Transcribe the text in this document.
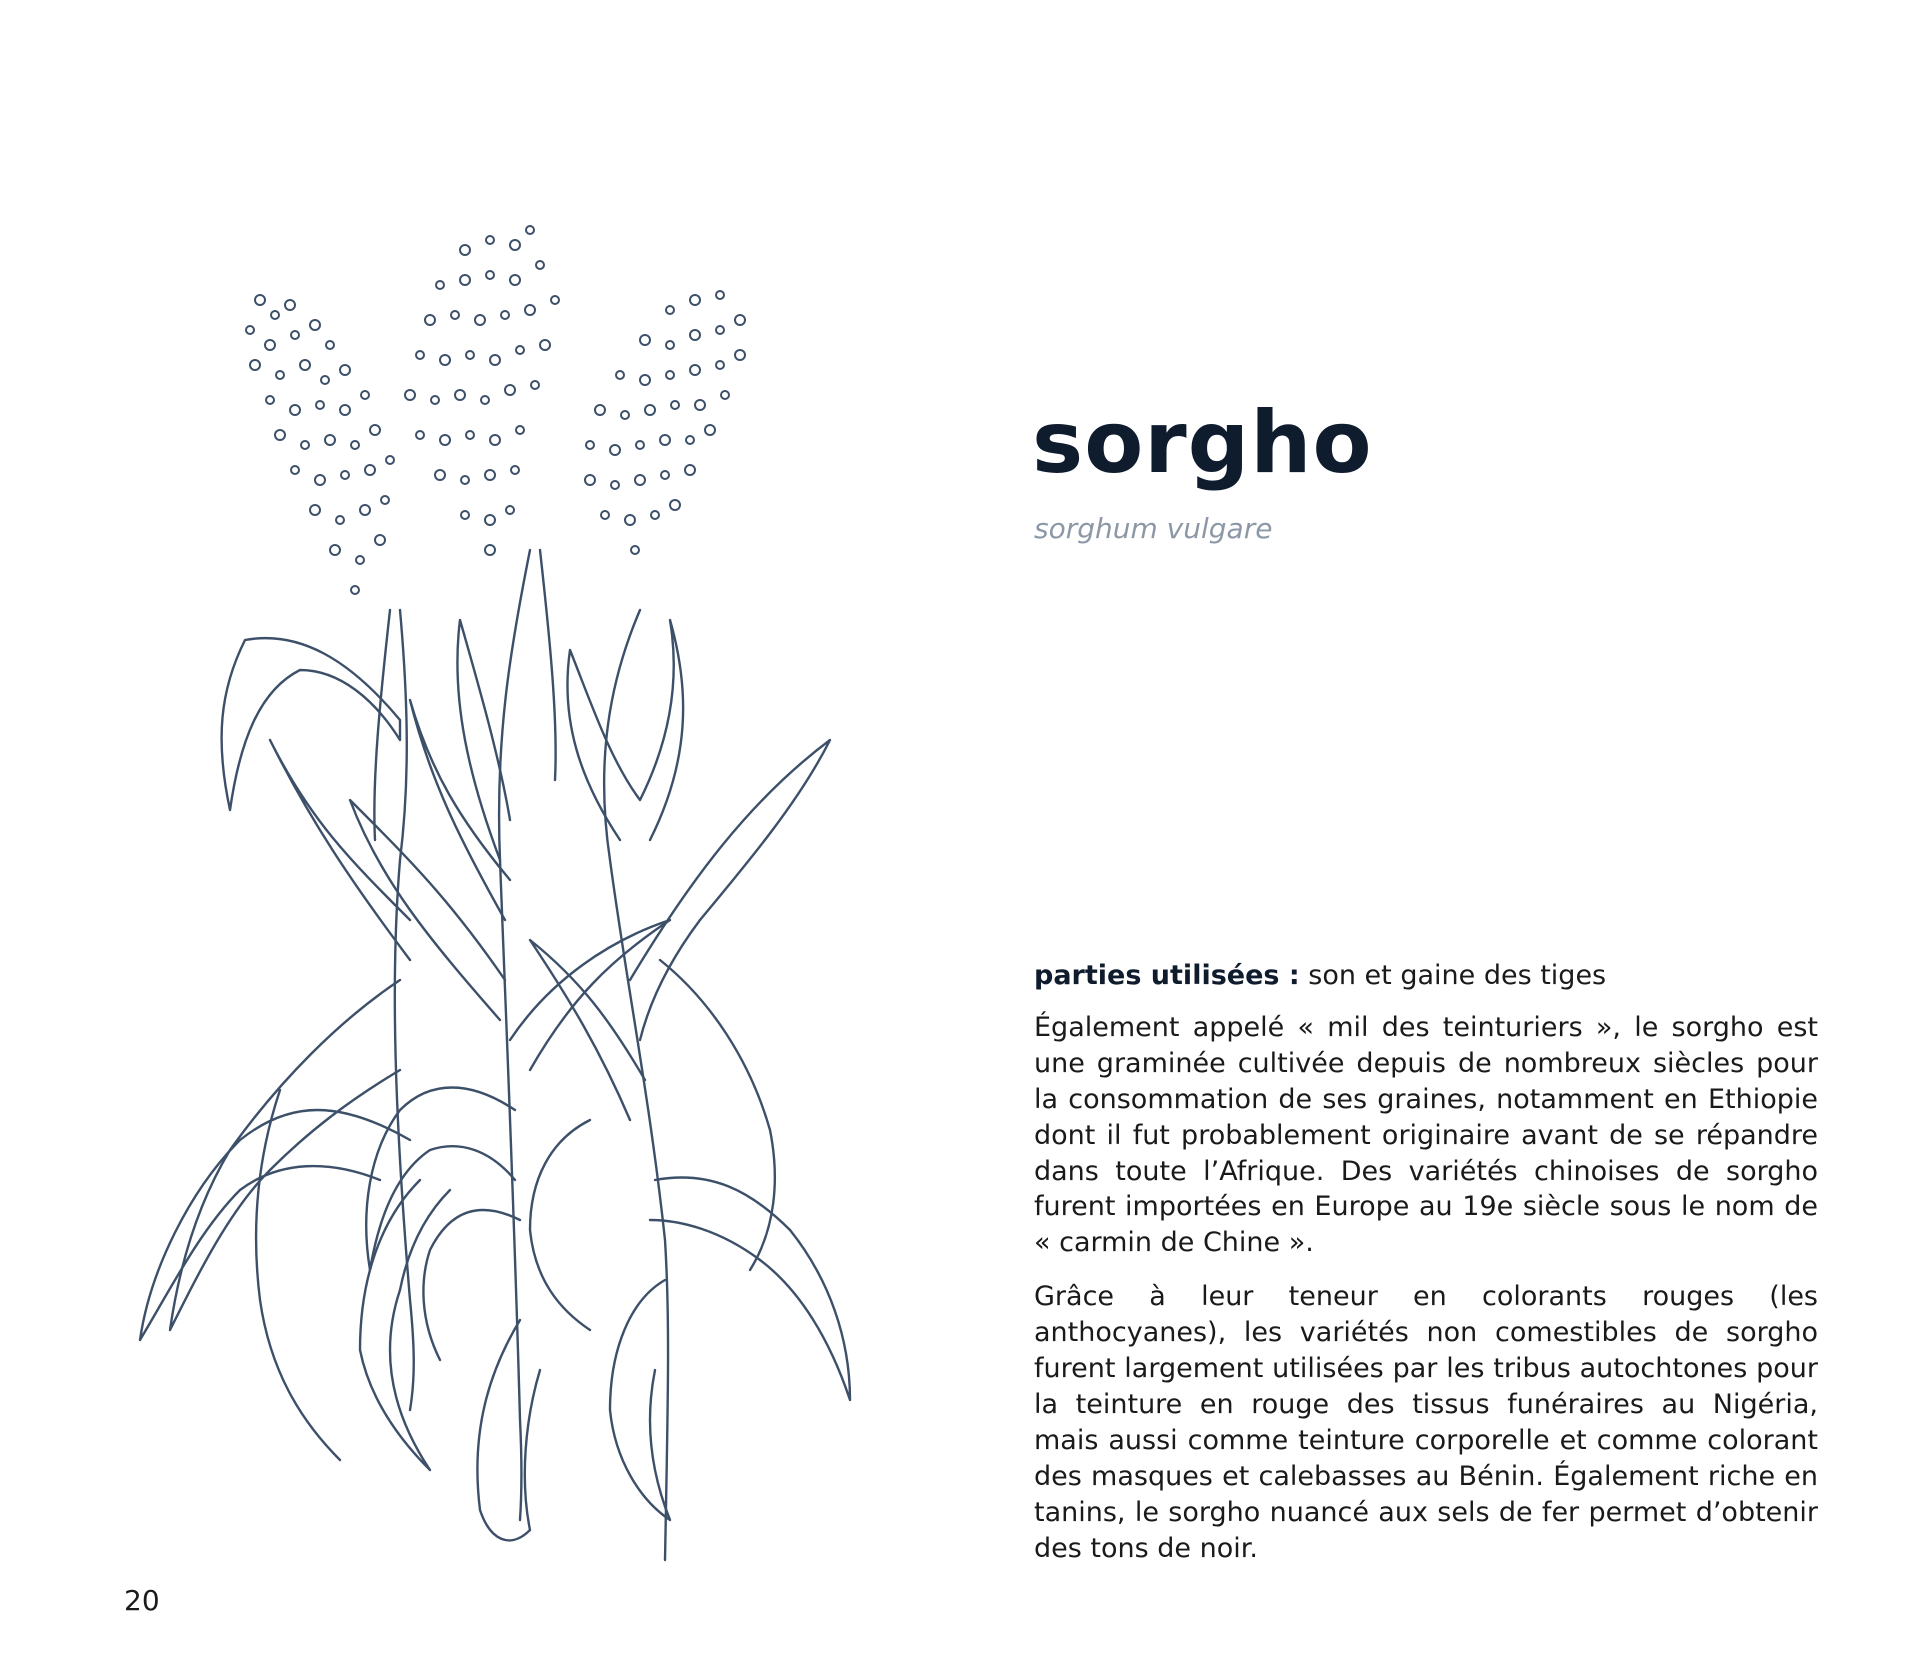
sorgho

sorghum vulgare

parties utilisées : son et gaine des tiges

Également appelé « mil des teinturiers », le sorgho est une graminée cultivée depuis de nombreux siècles pour la consommation de ses graines, notamment en Ethiopie dont il fut probablement originaire avant de se répandre dans toute l’Afrique. Des variétés chinoises de sorgho furent importées en Europe au 19e siècle sous le nom de « carmin de Chine ».

Grâce à leur teneur en colorants rouges (les anthocyanes), les variétés non comestibles de sorgho furent largement utilisées par les tribus autochtones pour la teinture en rouge des tissus funéraires au Nigéria, mais aussi comme teinture corporelle et comme colorant des masques et calebasses au Bénin. Également riche en tanins, le sorgho nuancé aux sels de fer permet d’obtenir des tons de noir.

20
